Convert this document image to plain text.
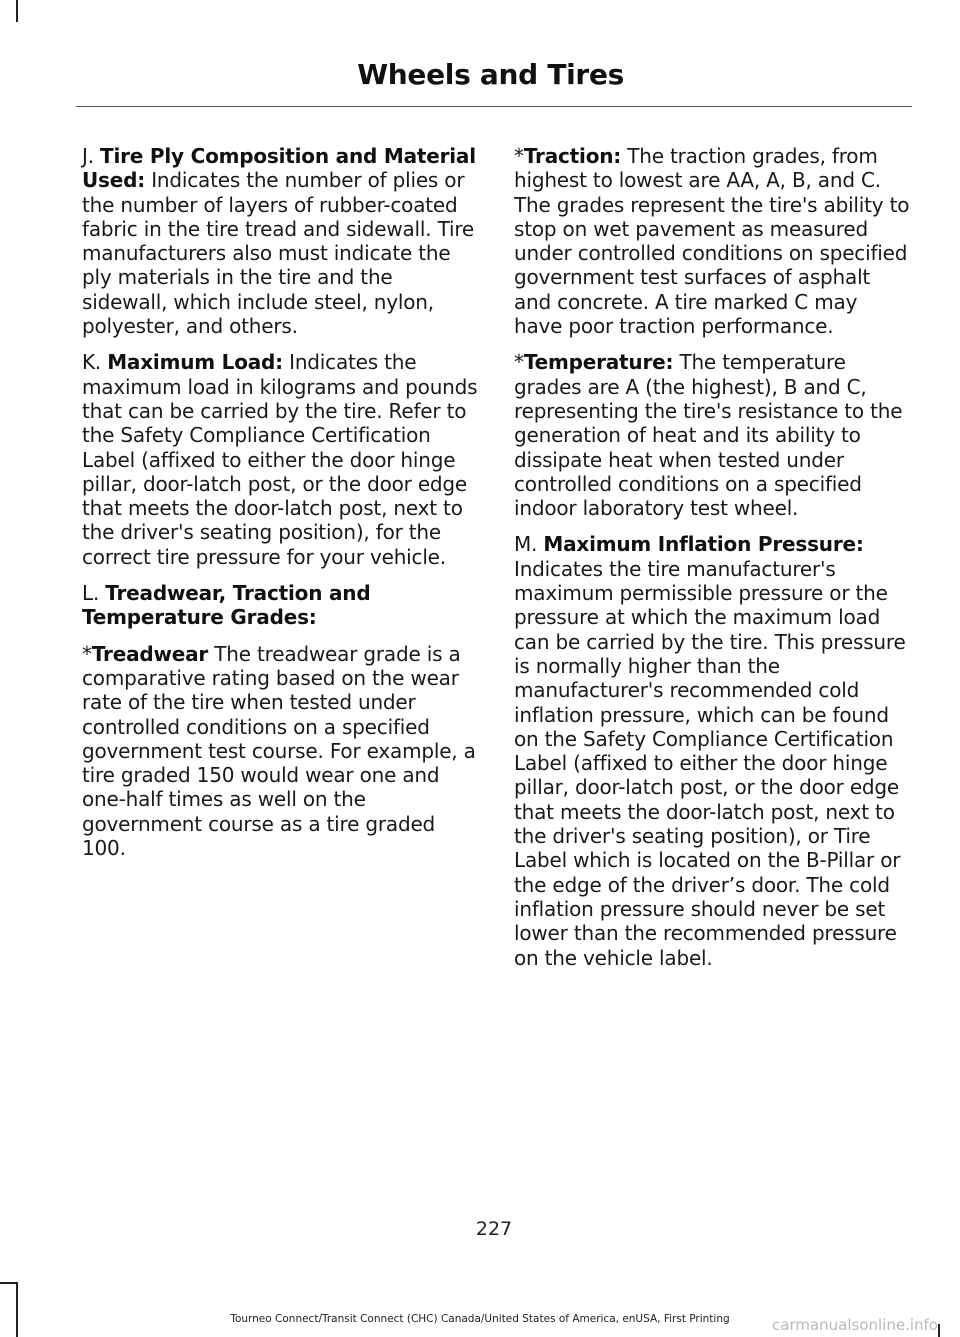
Wheels and Tires

J. Tire Ply Composition and Material Used: Indicates the number of plies or the number of layers of rubber-coated fabric in the tire tread and sidewall. Tire manufacturers also must indicate the ply materials in the tire and the sidewall, which include steel, nylon, polyester, and others.

K. Maximum Load: Indicates the maximum load in kilograms and pounds that can be carried by the tire. Refer to the Safety Compliance Certification Label (affixed to either the door hinge pillar, door-latch post, or the door edge that meets the door-latch post, next to the driver's seating position), for the correct tire pressure for your vehicle.

L. Treadwear, Traction and Temperature Grades:

*Treadwear The treadwear grade is a comparative rating based on the wear rate of the tire when tested under controlled conditions on a specified government test course. For example, a tire graded 150 would wear one and one-half times as well on the government course as a tire graded 100.

*Traction: The traction grades, from highest to lowest are AA, A, B, and C. The grades represent the tire's ability to stop on wet pavement as measured under controlled conditions on specified government test surfaces of asphalt and concrete. A tire marked C may have poor traction performance.

*Temperature: The temperature grades are A (the highest), B and C, representing the tire's resistance to the generation of heat and its ability to dissipate heat when tested under controlled conditions on a specified indoor laboratory test wheel.

M. Maximum Inflation Pressure: Indicates the tire manufacturer's maximum permissible pressure or the pressure at which the maximum load can be carried by the tire. This pressure is normally higher than the manufacturer's recommended cold inflation pressure, which can be found on the Safety Compliance Certification Label (affixed to either the door hinge pillar, door-latch post, or the door edge that meets the door-latch post, next to the driver's seating position), or Tire Label which is located on the B-Pillar or the edge of the driver’s door. The cold inflation pressure should never be set lower than the recommended pressure on the vehicle label.

227
Tourneo Connect/Transit Connect (CHC) Canada/United States of America, enUSA, First Printing	carmanualsonline.info
